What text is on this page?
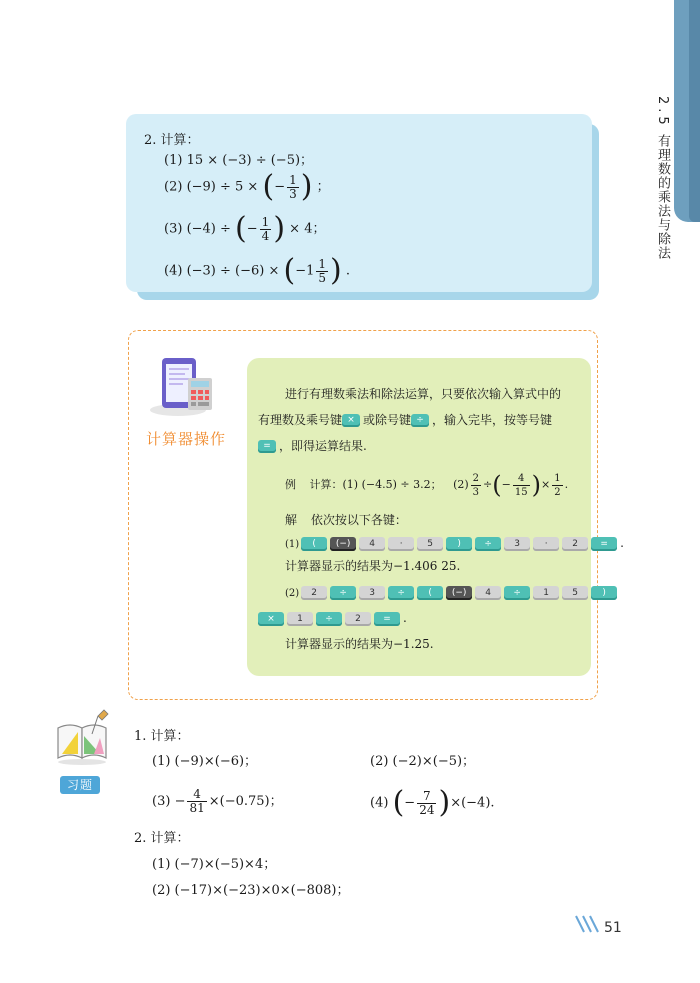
2.5 有理数的乘法与除法
2. 计算：
(1) 15 × (−3) ÷ (−5)；
(2) (−9) ÷ 5 × (− $\frac{1}{3}$ ) ；
(3) (−4) ÷ (− $\frac{1}{4}$ ) × 4；
(4) $(-3) \div (-6) \times (-1 \frac{1}{5}$ ) .
计算器操作
进行有理数乘法和除法运算，只要依次输入算式中的
有理数及乘号键 × 或除号键 ÷ ，输入完毕，按等号键
= ，即得运算结果.
例 计算：(1) (−4.5) ÷ 3.2； $(2) \frac{2}{3}$ ÷(− $\frac{4}{15}$ )× $\frac{1}{2}$ .
解 依次按以下各键：
(1) ( (−) 4	·	5	)	÷ 3	·	2 = .
计算器显示的结果为−1.406 25.
(2) 2 ÷ 3 ÷	( (−) 4 ÷ 1	5	)
× 1 ÷ 2 = .
计算器显示的结果为−1.25.
习题
1. 计算：
(1) (−9)×(−6)；	(2) (−2)×(−5)；
$(3) - \frac{4}{81} \times(-0.75)$；	(4) (− $\frac{7}{24} )\times(-4)$.
2. 计算：
(1) (−7)×(−5)×4；
(2) (−17)×(−23)×0×(−808)；
51
